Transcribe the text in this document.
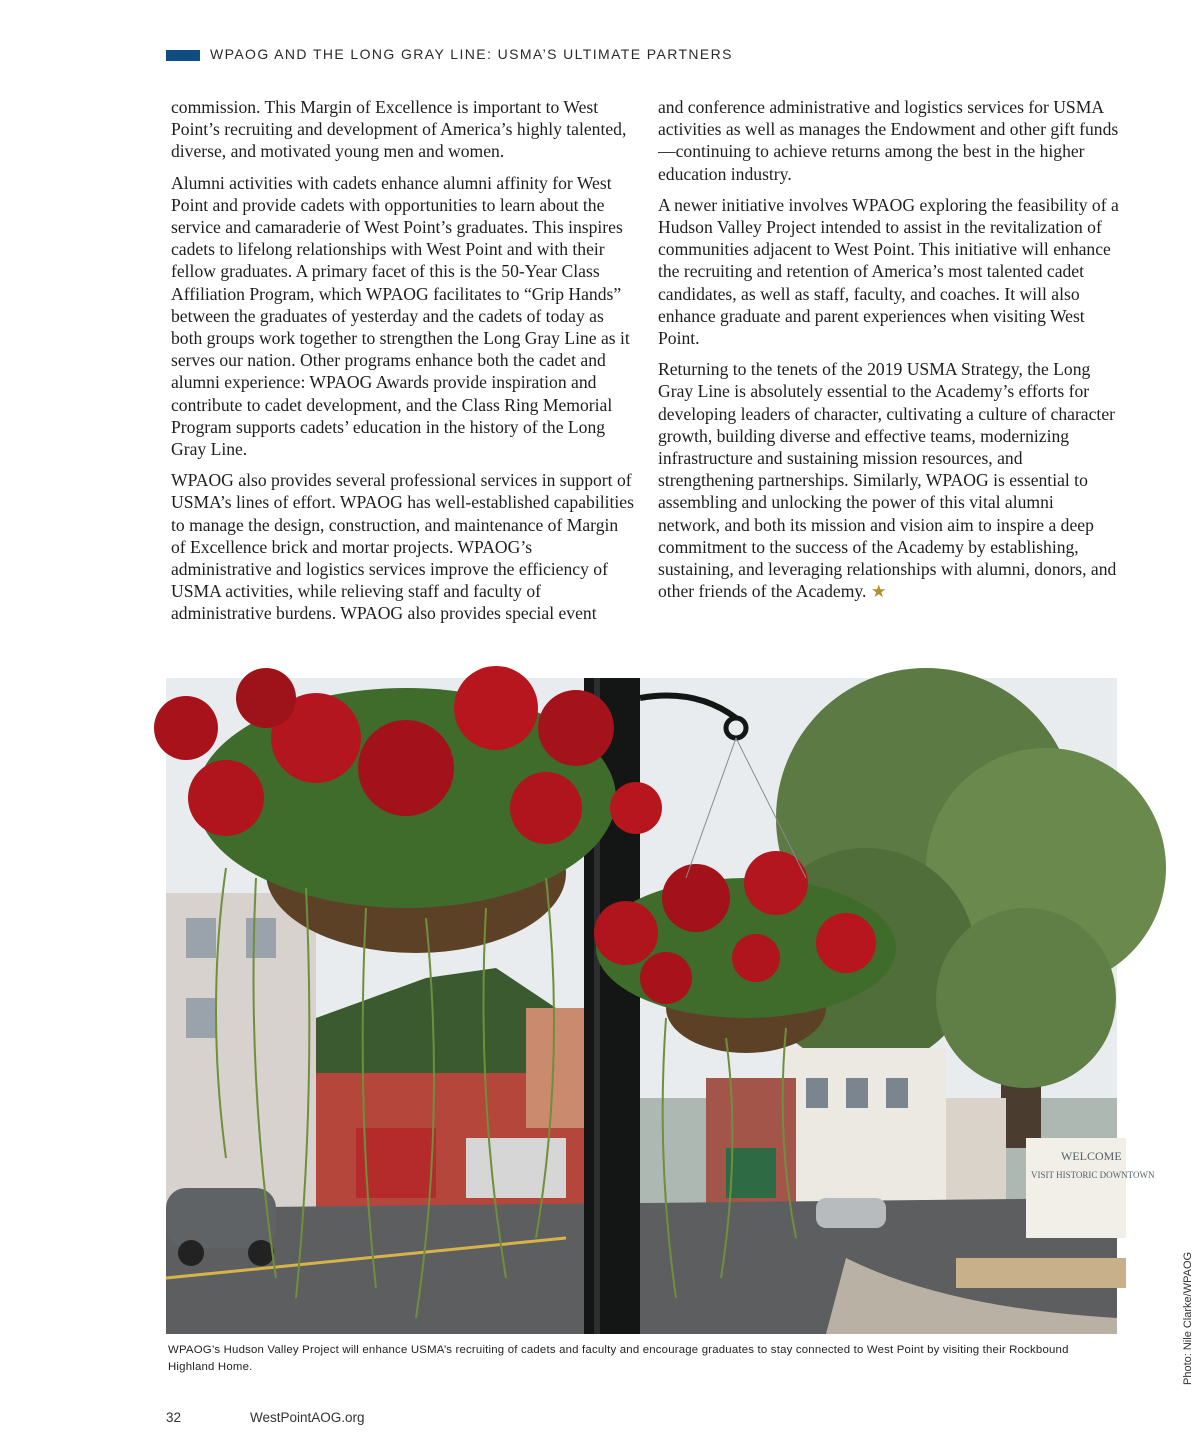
WPAOG AND THE LONG GRAY LINE: USMA’S ULTIMATE PARTNERS

commission. This Margin of Excellence is important to West Point’s recruiting and development of America’s highly talented, diverse, and motivated young men and women.

Alumni activities with cadets enhance alumni affinity for West Point and provide cadets with opportunities to learn about the service and camaraderie of West Point’s graduates. This inspires cadets to lifelong relationships with West Point and with their fellow graduates. A primary facet of this is the 50-Year Class Affiliation Program, which WPAOG facilitates to “Grip Hands” between the graduates of yesterday and the cadets of today as both groups work together to strengthen the Long Gray Line as it serves our nation. Other programs enhance both the cadet and alumni experience: WPAOG Awards provide inspiration and contribute to cadet development, and the Class Ring Memorial Program supports cadets’ education in the history of the Long Gray Line.

WPAOG also provides several professional services in support of USMA’s lines of effort. WPAOG has well-established capabilities to manage the design, construction, and maintenance of Margin of Excellence brick and mortar projects. WPAOG’s administrative and logistics services improve the efficiency of USMA activities, while relieving staff and faculty of administrative burdens. WPAOG also provides special event

and conference administrative and logistics services for USMA activities as well as manages the Endowment and other gift funds—continuing to achieve returns among the best in the higher education industry.

A newer initiative involves WPAOG exploring the feasibility of a Hudson Valley Project intended to assist in the revitalization of communities adjacent to West Point. This initiative will enhance the recruiting and retention of America’s most talented cadet candidates, as well as staff, faculty, and coaches. It will also enhance graduate and parent experiences when visiting West Point.

Returning to the tenets of the 2019 USMA Strategy, the Long Gray Line is absolutely essential to the Academy’s efforts for developing leaders of character, cultivating a culture of character growth, building diverse and effective teams, modernizing infrastructure and sustaining mission resources, and strengthening partnerships. Similarly, WPAOG is essential to assembling and unlocking the power of this vital alumni network, and both its mission and vision aim to inspire a deep commitment to the success of the Academy by establishing, sustaining, and leveraging relationships with alumni, donors, and other friends of the Academy. ★

WELCOME
VISIT HISTORIC DOWNTOWN
Photo: Nile Clarke/WPAOG
WPAOG’s Hudson Valley Project will enhance USMA’s recruiting of cadets and faculty and encourage graduates to stay connected to West Point by visiting their Rockbound Highland Home.
32	WestPointAOG.org
